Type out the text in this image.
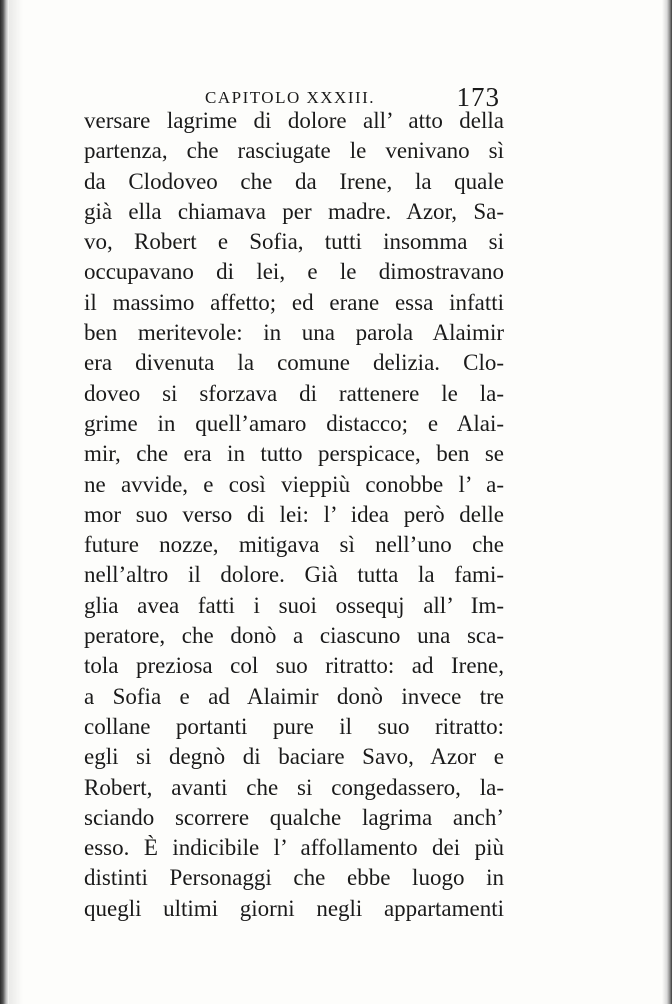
CAPITOLO XXXIII.	173
versare lagrime di dolore all’ atto della
partenza, che rasciugate le venivano sì
da Clodoveo che da Irene, la quale
già ella chiamava per madre. Azor, Sa-
vo, Robert e Sofia, tutti insomma si
occupavano di lei, e le dimostravano
il massimo affetto; ed erane essa infatti
ben meritevole: in una parola Alaimir
era divenuta la comune delizia. Clo-
doveo si sforzava di rattenere le la-
grime in quell’amaro distacco; e Alai-
mir, che era in tutto perspicace, ben se
ne avvide, e così vieppiù conobbe l’ a-
mor suo verso di lei: l’ idea però delle
future nozze, mitigava sì nell’uno che
nell’altro il dolore. Già tutta la fami-
glia avea fatti i suoi ossequj all’ Im-
peratore, che donò a ciascuno una sca-
tola preziosa col suo ritratto: ad Irene,
a Sofia e ad Alaimir donò invece tre
collane portanti pure il suo ritratto:
egli si degnò di baciare Savo, Azor e
Robert, avanti che si congedassero, la-
sciando scorrere qualche lagrima anch’
esso. È indicibile l’ affollamento dei più
distinti Personaggi che ebbe luogo in
quegli ultimi giorni negli appartamenti
